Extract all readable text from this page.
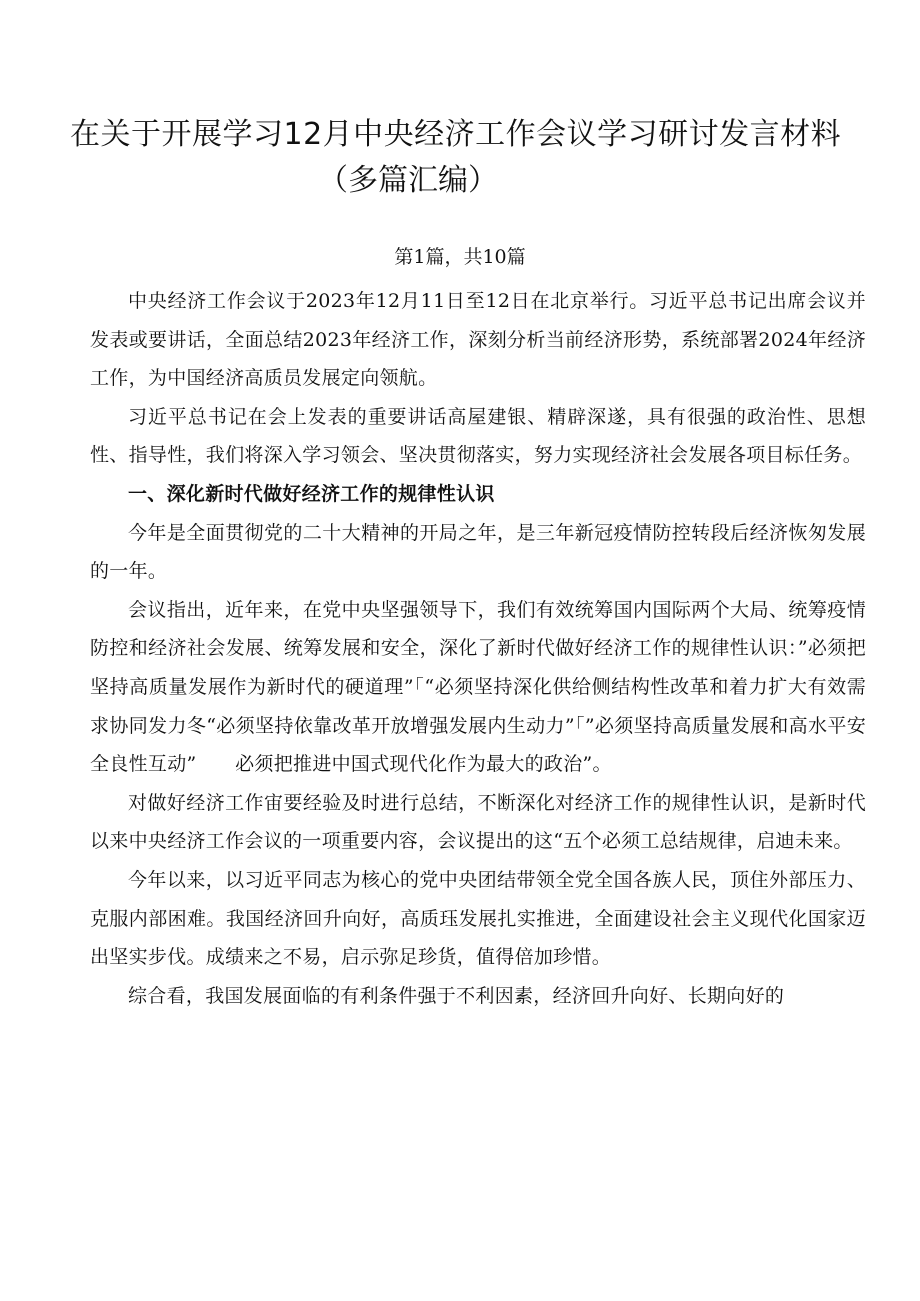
在关于开展学习12月中央经济工作会议学习研讨发言材料
（多篇汇编）
第1篇，共10篇

中央经济工作会议于2023年12月11日至12日在北京举行。习近平总书记出席会议并发表或要讲话，全面总结2023年经济工作，深刻分析当前经济形势，系统部署2024年经济工作，为中国经济高质员发展定向领航。

习近平总书记在会上发表的重要讲话高屋建银、精辟深遂，具有很强的政治性、思想性、指导性，我们将深入学习领会、坚决贯彻落实，努力实现经济社会发展各项目标任务。

一、深化新时代做好经济工作的规律性认识

今年是全面贯彻党的二十大精神的开局之年，是三年新冠疫情防控转段后经济恢匆发展的一年。

会议指出，近年来，在党中央坚强领导下，我们有效统筹国内国际两个大局、统筹疫情防控和经济社会发展、统筹发展和安全，深化了新时代做好经济工作的规律性认识：”必须把坚持高质量发展作为新时代的硬道理”「“必须坚持深化供给侧结构性改革和着力扩大有效需求协同发力冬“必须坚持依靠改革开放增强发展内生动力”「”必须坚持高质量发展和高水平安全良性互动”　　必须把推进中国式现代化作为最大的政治”。

对做好经济工作宙要经验及时进行总结，不断深化对经济工作的规律性认识，是新时代以来中央经济工作会议的一项重要内容，会议提出的这“五个必须工总结规律，启迪未来。

今年以来，以习近平同志为核心的党中央团结带领全党全国各族人民，顶住外部压力、克服内部困难。我国经济回升向好，高质珏发展扎实推进，全面建设社会主义现代化国家迈出坚实步伐。成绩来之不易，启示弥足珍货，值得倍加珍惜。

综合看，我国发展面临的有利条件强于不利因素，经济回升向好、长期向好的
